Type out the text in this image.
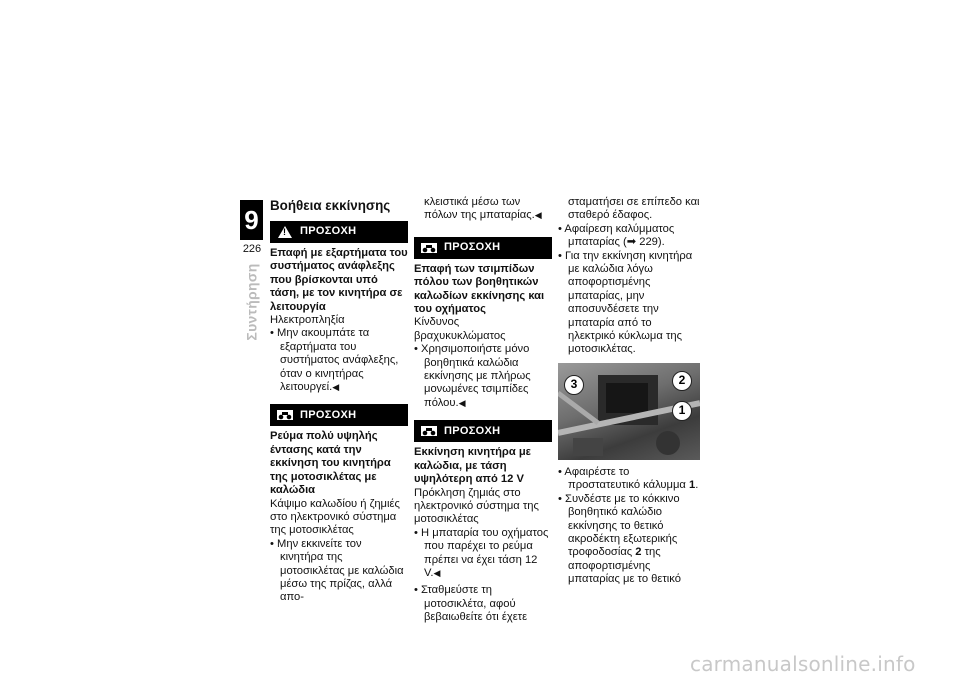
9
226
Συντήρηση
Βοήθεια εκκίνησης
!
ΠΡΟΣΟΧΗ

Επαφή με εξαρτήματα του συστήματος ανάφλεξης που βρίσκονται υπό τάση, με τον κινητήρα σε λειτουργία

Ηλεκτροπληξία

• Μην ακουμπάτε τα εξαρτήματα του συστήματος ανάφλεξης, όταν ο κινητήρας λειτουργεί.◀

ΠΡΟΣΟΧΗ

Ρεύμα πολύ υψηλής έντασης κατά την εκκίνηση του κινητήρα της μοτοσικλέτας με καλώδια

Κάψιμο καλωδίου ή ζημιές στο ηλεκτρονικό σύστημα της μοτοσικλέτας

• Μην εκκινείτε τον κινητήρα της μοτοσικλέτας με καλώδια μέσω της πρίζας, αλλά απο-

κλειστικά μέσω των πόλων της μπαταρίας.◀

ΠΡΟΣΟΧΗ

Επαφή των τσιμπίδων πόλου των βοηθητικών καλωδίων εκκίνησης και του οχήματος

Κίνδυνος βραχυκυκλώματος

• Χρησιμοποιήστε μόνο βοηθητικά καλώδια εκκίνησης με πλήρως μονωμένες τσιμπίδες πόλου.◀

ΠΡΟΣΟΧΗ

Εκκίνηση κινητήρα με καλώδια, με τάση υψηλότερη από 12 V

Πρόκληση ζημιάς στο ηλεκτρονικό σύστημα της μοτοσικλέτας

• Η μπαταρία του οχήματος που παρέχει το ρεύμα πρέπει να έχει τάση 12 V.◀

• Σταθμεύστε τη μοτοσικλέτα, αφού βεβαιωθείτε ότι έχετε

σταματήσει σε επίπεδο και σταθερό έδαφος.

• Αφαίρεση καλύμματος μπαταρίας (➡ 229).

• Για την εκκίνηση κινητήρα με καλώδια λόγω αποφορτισμένης μπαταρίας, μην αποσυνδέσετε την μπαταρία από το ηλεκτρικό κύκλωμα της μοτοσικλέτας.

3	2
1

• Αφαιρέστε το προστατευτικό κάλυμμα 1.

• Συνδέστε με το κόκκινο βοηθητικό καλώδιο εκκίνησης το θετικό ακροδέκτη εξωτερικής τροφοδοσίας 2 της αποφορτισμένης μπαταρίας με το θετικό

carmanualsonline.info
